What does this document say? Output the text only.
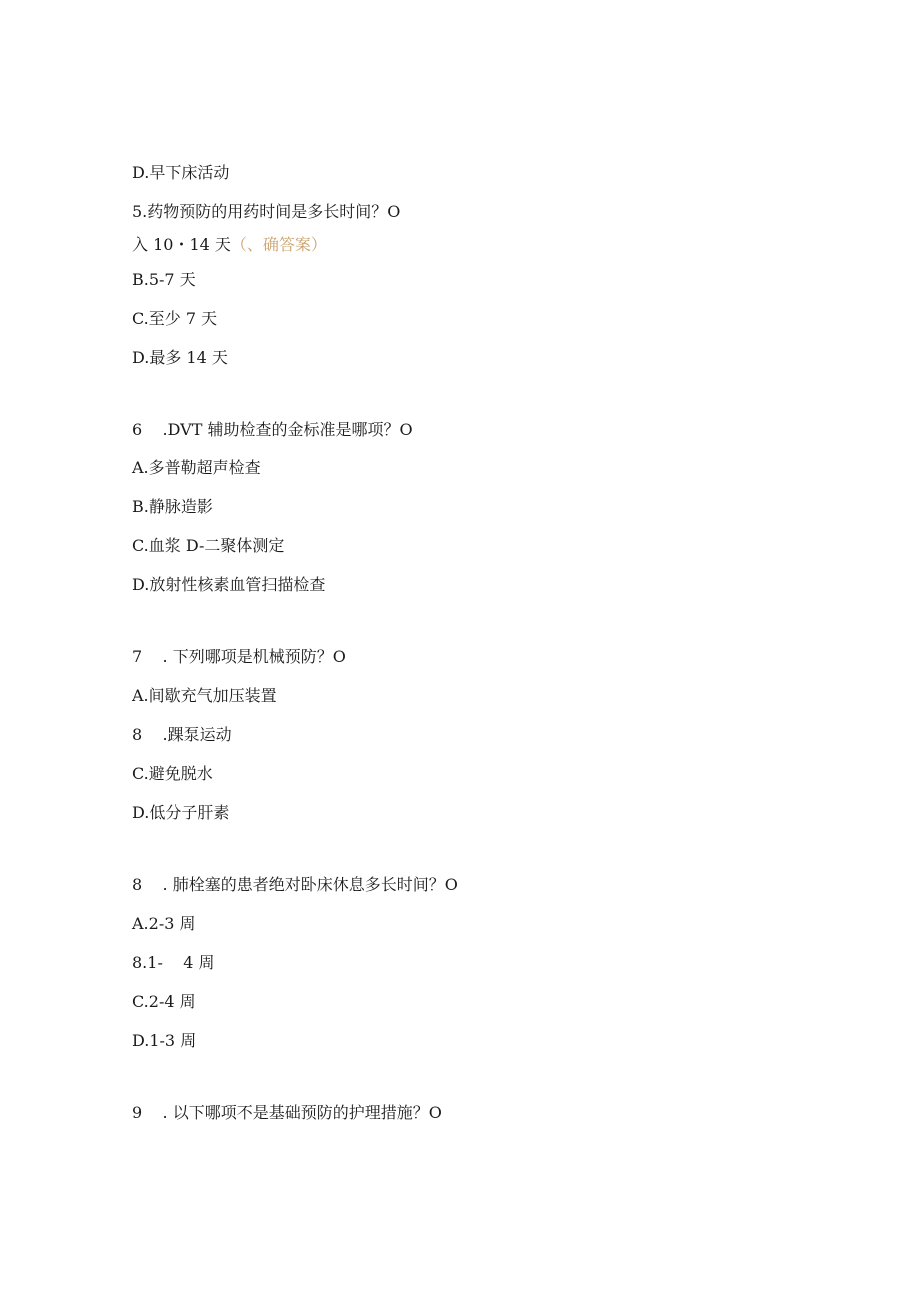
D.早下床活动
5.药物预防的用药时间是多长时间？O
入 10・14 天（、确答案）
B.5-7 天
C.至少 7 天
D.最多 14 天
6    .DVT 辅助检查的金标准是哪项？O
A.多普勒超声检查
B.静脉造影
C.血浆 D-二聚体测定
D.放射性核素血管扫描检查
7    . 下列哪项是机械预防？O
A.间歇充气加压装置
8    .踝泵运动
C.避免脱水
D.低分子肝素
8    . 肺栓塞的患者绝对卧床休息多长时间？O
A.2-3 周
8.1-    4 周
C.2-4 周
D.1-3 周
9    . 以下哪项不是基础预防的护理措施？O
